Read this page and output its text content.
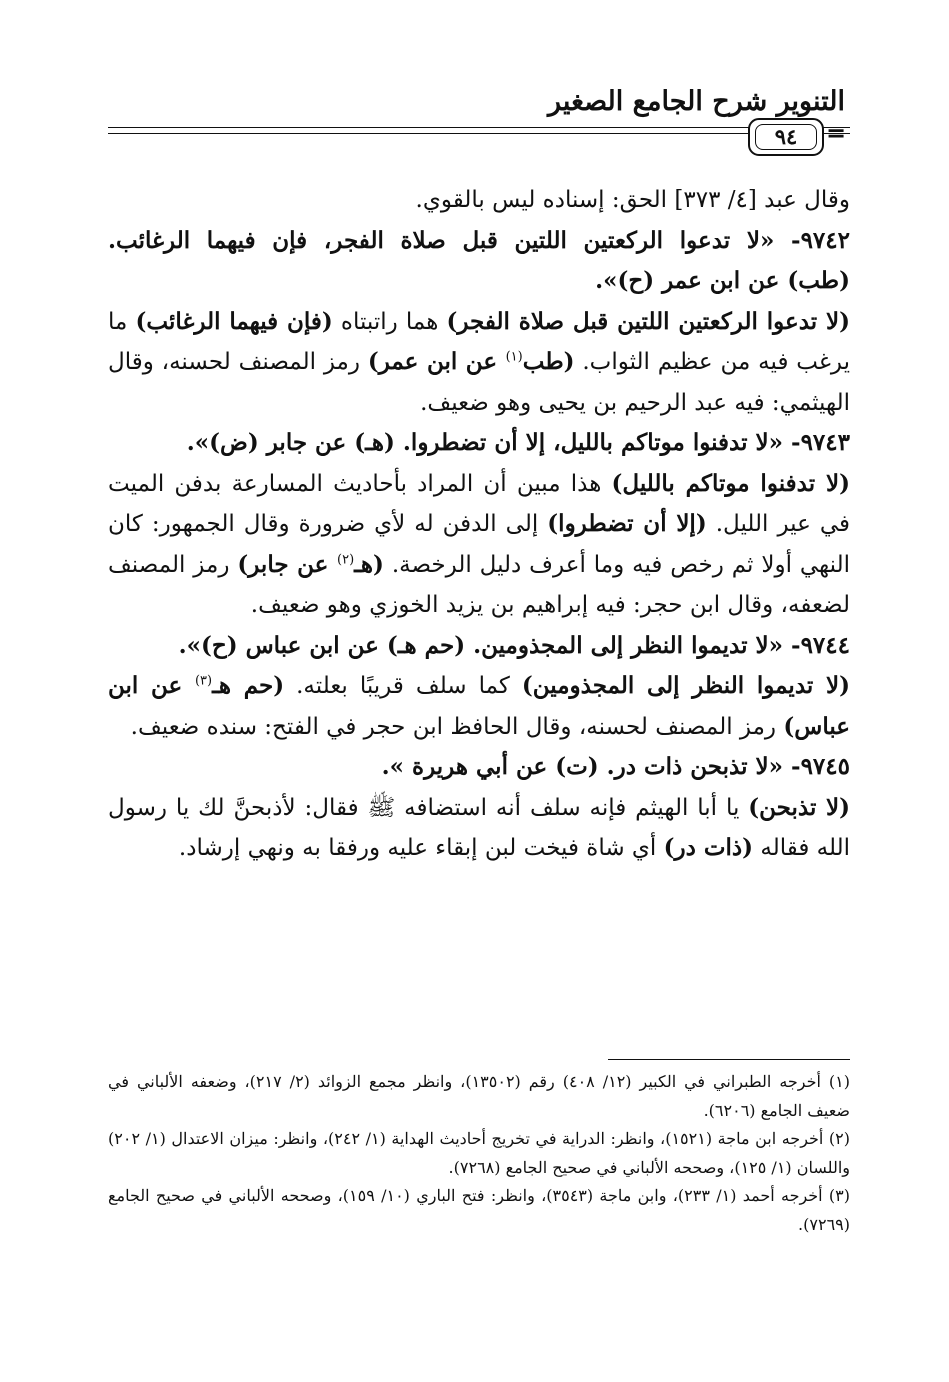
التنوير شرح الجامع الصغير
٩٤	=

وقال عبد [٤/ ٣٧٣] الحق: إسناده ليس بالقوي.

٩٧٤٢- «لا تدعوا الركعتين اللتين قبل صلاة الفجر، فإن فيهما الرغائب.

(طب) عن ابن عمر (ح)».

(لا تدعوا الركعتين اللتين قبل صلاة الفجر) هما راتبتاه (فإن فيهما الرغائب) ما يرغب فيه من عظيم الثواب. (طب$^{(١)}$ عن ابن عمر) رمز المصنف لحسنه، وقال الهيثمي: فيه عبد الرحيم بن يحيى وهو ضعيف.

٩٧٤٣- «لا تدفنوا موتاكم بالليل، إلا أن تضطروا. (هـ) عن جابر (ض)».

(لا تدفنوا موتاكم بالليل) هذا مبين أن المراد بأحاديث المسارعة بدفن الميت في عير الليل. (إلا أن تضطروا) إلى الدفن له لأي ضرورة وقال الجمهور: كان النهي أولا ثم رخص فيه وما أعرف دليل الرخصة. (هـ$^{(٢)}$ عن جابر) رمز المصنف لضعفه، وقال ابن حجر: فيه إبراهيم بن يزيد الخوزي وهو ضعيف.

٩٧٤٤- «لا تديموا النظر إلى المجذومين. (حم هـ) عن ابن عباس (ح)».

(لا تديموا النظر إلى المجذومين) كما سلف قريبًا بعلته. (حم هـ$^{(٣)}$ عن ابن عباس) رمز المصنف لحسنه، وقال الحافظ ابن حجر في الفتح: سنده ضعيف.

٩٧٤٥- «لا تذبحن ذات در. (ت) عن أبي هريرة ».

(لا تذبحن) يا أبا الهيثم فإنه سلف أنه استضافه ﷺ فقال: لأذبحنَّ لك يا رسول الله فقاله (ذات در) أي شاة فيخت لبن إبقاء عليه ورفقا به ونهي إرشاد.

(١) أخرجه الطبراني في الكبير (١٢/ ٤٠٨) رقم (١٣٥٠٢)، وانظر مجمع الزوائد (٢/ ٢١٧)، وضعفه الألباني في ضعيف الجامع (٦٢٠٦).

(٢) أخرجه ابن ماجة (١٥٢١)، وانظر: الدراية في تخريج أحاديث الهداية (١/ ٢٤٢)، وانظر: ميزان الاعتدال (١/ ٢٠٢) واللسان (١/ ١٢٥)، وصححه الألباني في صحيح الجامع (٧٢٦٨).

(٣) أخرجه أحمد (١/ ٢٣٣)، وابن ماجة (٣٥٤٣)، وانظر: فتح الباري (١٠/ ١٥٩)، وصححه الألباني في صحيح الجامع (٧٢٦٩).
